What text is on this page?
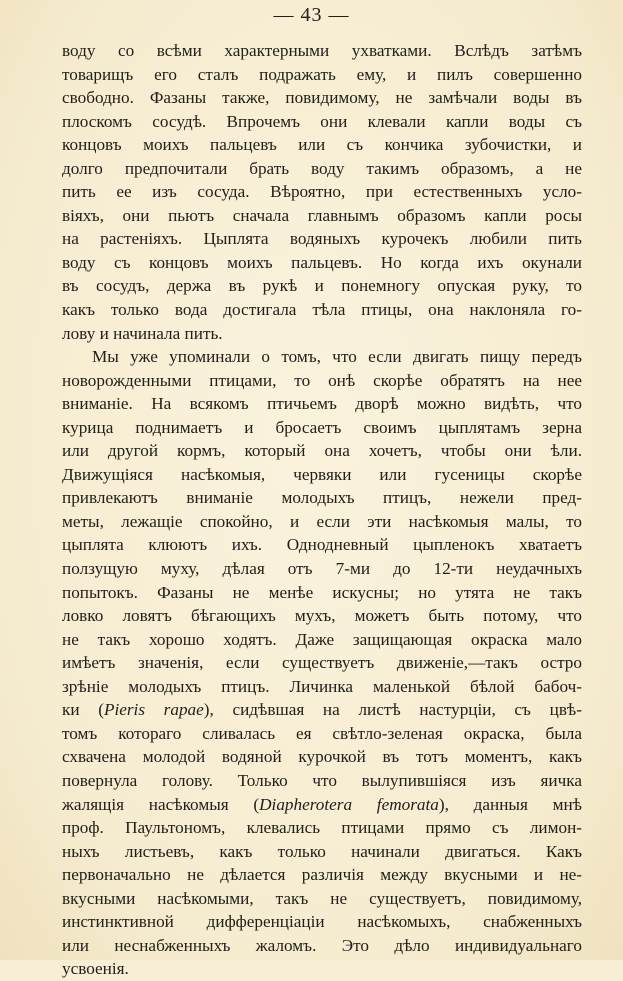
— 43 —
воду со всѣми характерными ухватками. Вслѣдъ затѣмъ
товарищъ его сталъ подражать ему, и пилъ совершенно
свободно. Фазаны также, повидимому, не замѣчали воды въ
плоскомъ сосудѣ. Впрочемъ они клевали капли воды съ
концовъ моихъ пальцевъ или съ кончика зубочистки, и
долго предпочитали брать воду такимъ образомъ, а не
пить ее изъ сосуда. Вѣроятно, при естественныхъ усло-
віяхъ, они пьютъ сначала главнымъ образомъ капли росы
на растеніяхъ. Цыплята водяныхъ курочекъ любили пить
воду съ концовъ моихъ пальцевъ. Но когда ихъ окунали
въ сосудъ, держа въ рукѣ и понемногу опуская руку, то
какъ только вода достигала тѣла птицы, она наклоняла го-
лову и начинала пить.
Мы уже упоминали о томъ, что если двигать пищу передъ
новорожденными птицами, то онѣ скорѣе обратятъ на нее
вниманіе. На всякомъ птичьемъ дворѣ можно видѣть, что
курица поднимаетъ и бросаетъ своимъ цыплятамъ зерна
или другой кормъ, который она хочетъ, чтобы они ѣли.
Движущіяся насѣкомыя, червяки или гусеницы скорѣе
привлекаютъ вниманіе молодыхъ птицъ, нежели пред-
меты, лежащіе спокойно, и если эти насѣкомыя малы, то
цыплята клюютъ ихъ. Однодневный цыпленокъ хватаетъ
ползущую муху, дѣлая отъ 7-ми до 12-ти неудачныхъ
попытокъ. Фазаны не менѣе искусны; но утята не такъ
ловко ловятъ бѣгающихъ мухъ, можетъ быть потому, что
не такъ хорошо ходятъ. Даже защищающая окраска мало
имѣетъ значенія, если существуетъ движеніе,—такъ остро
зрѣніе молодыхъ птицъ. Личинка маленькой бѣлой бабоч-
ки (Pieris rapae), сидѣвшая на листѣ настурціи, съ цвѣ-
томъ котораго сливалась ея свѣтло-зеленая окраска, была
схвачена молодой водяной курочкой въ тотъ моментъ, какъ
повернула голову. Только что вылупившіяся изъ яичка
жалящія насѣкомыя (Diapherotera femorata), данныя мнѣ
проф. Паультономъ, клевались птицами прямо съ лимон-
ныхъ листьевъ, какъ только начинали двигаться. Какъ
первоначально не дѣлается различія между вкусными и не-
вкусными насѣкомыми, такъ не существуетъ, повидимому,
инстинктивной дифференціаціи насѣкомыхъ, снабженныхъ
или неснабженныхъ жаломъ. Это дѣло индивидуальнаго
усвоенія.
